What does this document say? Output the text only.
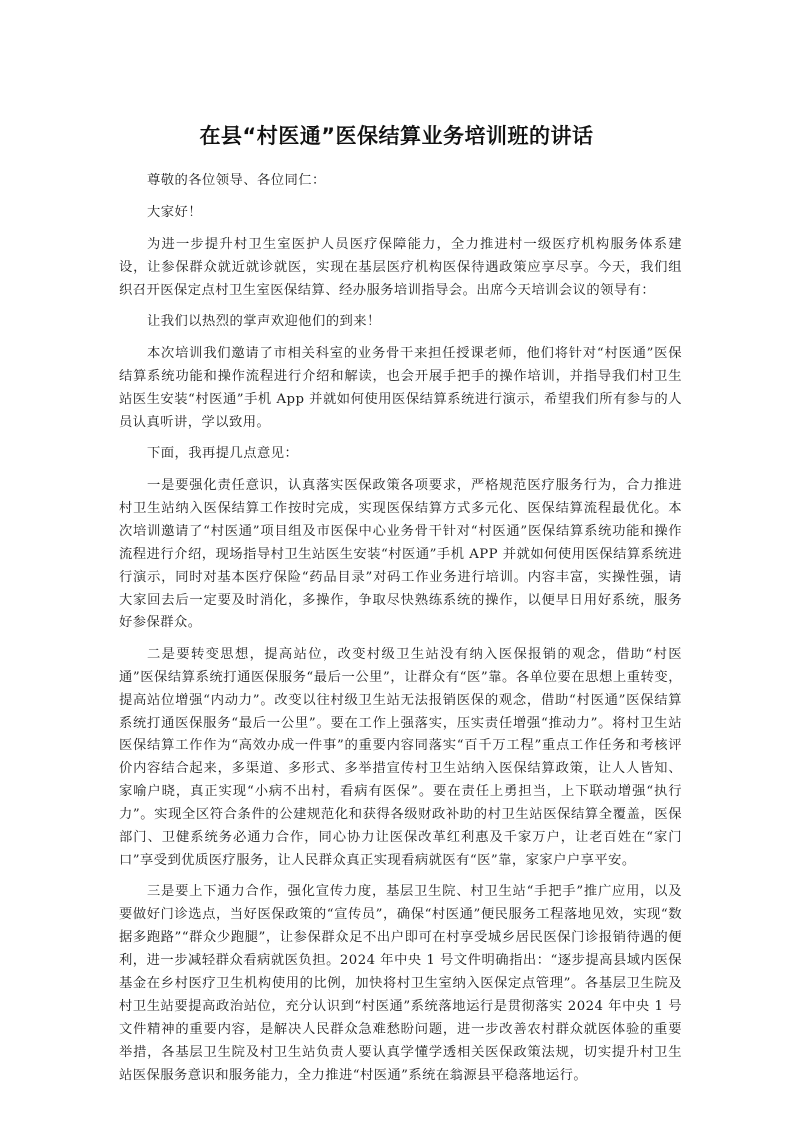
在县“村医通”医保结算业务培训班的讲话

尊敬的各位领导、各位同仁：

大家好！

为进一步提升村卫生室医护人员医疗保障能力，全力推进村一级医疗机构服务体系建设，让参保群众就近就诊就医，实现在基层医疗机构医保待遇政策应享尽享。今天，我们组织召开医保定点村卫生室医保结算、经办服务培训指导会。出席今天培训会议的领导有：

让我们以热烈的掌声欢迎他们的到来！

本次培训我们邀请了市相关科室的业务骨干来担任授课老师，他们将针对“村医通”医保结算系统功能和操作流程进行介绍和解读，也会开展手把手的操作培训，并指导我们村卫生站医生安装“村医通”手机 App 并就如何使用医保结算系统进行演示，希望我们所有参与的人员认真听讲，学以致用。

下面，我再提几点意见：

一是要强化责任意识，认真落实医保政策各项要求，严格规范医疗服务行为，合力推进村卫生站纳入医保结算工作按时完成，实现医保结算方式多元化、医保结算流程最优化。本次培训邀请了“村医通”项目组及市医保中心业务骨干针对“村医通”医保结算系统功能和操作流程进行介绍，现场指导村卫生站医生安装“村医通”手机 APP 并就如何使用医保结算系统进行演示，同时对基本医疗保险“药品目录”对码工作业务进行培训。内容丰富，实操性强，请大家回去后一定要及时消化，多操作，争取尽快熟练系统的操作，以便早日用好系统，服务好参保群众。

二是要转变思想，提高站位，改变村级卫生站没有纳入医保报销的观念，借助“村医通”医保结算系统打通医保服务“最后一公里”，让群众有“医”靠。各单位要在思想上重转变，提高站位增强“内动力”。改变以往村级卫生站无法报销医保的观念，借助“村医通”医保结算系统打通医保服务“最后一公里”。要在工作上强落实，压实责任增强“推动力”。将村卫生站医保结算工作作为“高效办成一件事”的重要内容同落实“百千万工程”重点工作任务和考核评价内容结合起来，多渠道、多形式、多举措宣传村卫生站纳入医保结算政策，让人人皆知、家喻户晓，真正实现“小病不出村，看病有医保”。要在责任上勇担当，上下联动增强“执行力”。实现全区符合条件的公建规范化和获得各级财政补助的村卫生站医保结算全覆盖，医保部门、卫健系统务必通力合作，同心协力让医保改革红利惠及千家万户，让老百姓在“家门口”享受到优质医疗服务，让人民群众真正实现看病就医有“医”靠，家家户户享平安。

三是要上下通力合作，强化宣传力度，基层卫生院、村卫生站“手把手”推广应用，以及要做好门诊选点，当好医保政策的“宣传员”，确保“村医通”便民服务工程落地见效，实现“数据多跑路”“群众少跑腿”，让参保群众足不出户即可在村享受城乡居民医保门诊报销待遇的便利，进一步减轻群众看病就医负担。2024 年中央 1 号文件明确指出：“逐步提高县域内医保基金在乡村医疗卫生机构使用的比例，加快将村卫生室纳入医保定点管理”。各基层卫生院及村卫生站要提高政治站位，充分认识到“村医通”系统落地运行是贯彻落实 2024 年中央 1 号文件精神的重要内容，是解决人民群众急难愁盼问题，进一步改善农村群众就医体验的重要举措，各基层卫生院及村卫生站负责人要认真学懂学透相关医保政策法规，切实提升村卫生站医保服务意识和服务能力，全力推进“村医通”系统在翁源县平稳落地运行。
